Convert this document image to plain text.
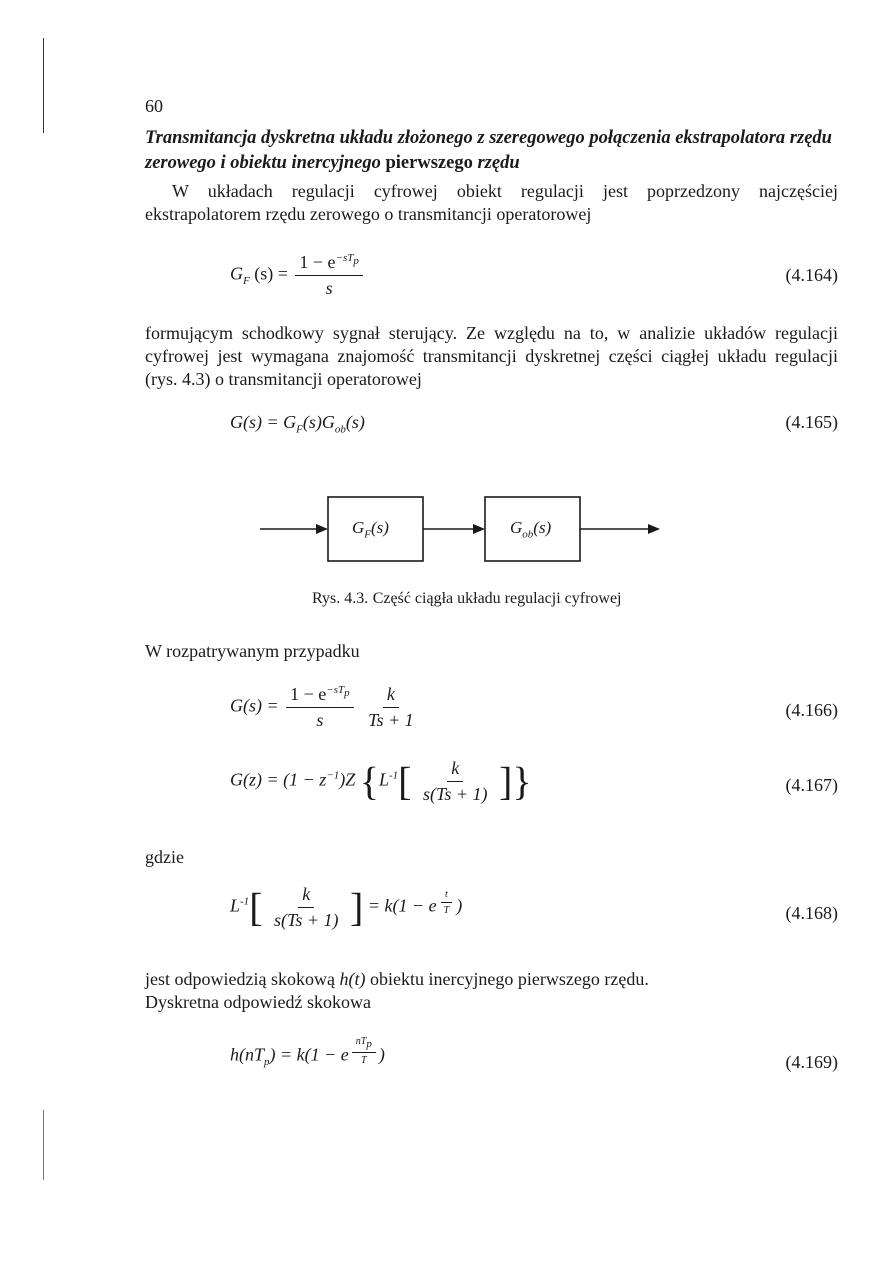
60
Transmitancja dyskretna układu złożonego z szeregowego połączenia ekstrapolatora rzędu zerowego i obiektu inercyjnego pierwszego rzędu
W układach regulacji cyfrowej obiekt regulacji jest poprzedzony najczęściej ekstrapolatorem rzędu zerowego o transmitancji operatorowej
$G_F$ $(s) = \frac{1 - e^{-sT_p}}{s}$	(4.164)
formującym schodkowy sygnał sterujący. Ze względu na to, w analizie układów regulacji cyfrowej jest wymagana znajomość transmitancji dyskretnej części ciągłej układu regulacji (rys. 4.3) o transmitancji operatorowej
$G(s) = G_F(s)G_{ob}(s)$	(4.165)
$G_F(s)$	$G_{ob}(s)$
Rys. 4.3. Część ciągła układu regulacji cyfrowej
W rozpatrywanym przypadku
$G(s) = \frac{1 - e^{-sT_p}}{s}$
$\frac{k}{Ts + 1}$	(4.166)
$G(z) = (1 - z^{-1})Z$ {$L^{-1}[ \frac{k}{s(Ts + 1)}$ ]}	(4.167)
gdzie
$L^{-1}[ \frac{k}{s(Ts + 1)}$ ] = k(1 − e $^{\frac{t}{T}}$ )	(4.168)
jest odpowiedzią skokową h(t) obiektu inercyjnego pierwszego rzędu.
Dyskretna odpowiedź skokowa
$h(nT_p) = k(1 - e$ $^{\frac{nT_p}{T}}$ )	(4.169)
